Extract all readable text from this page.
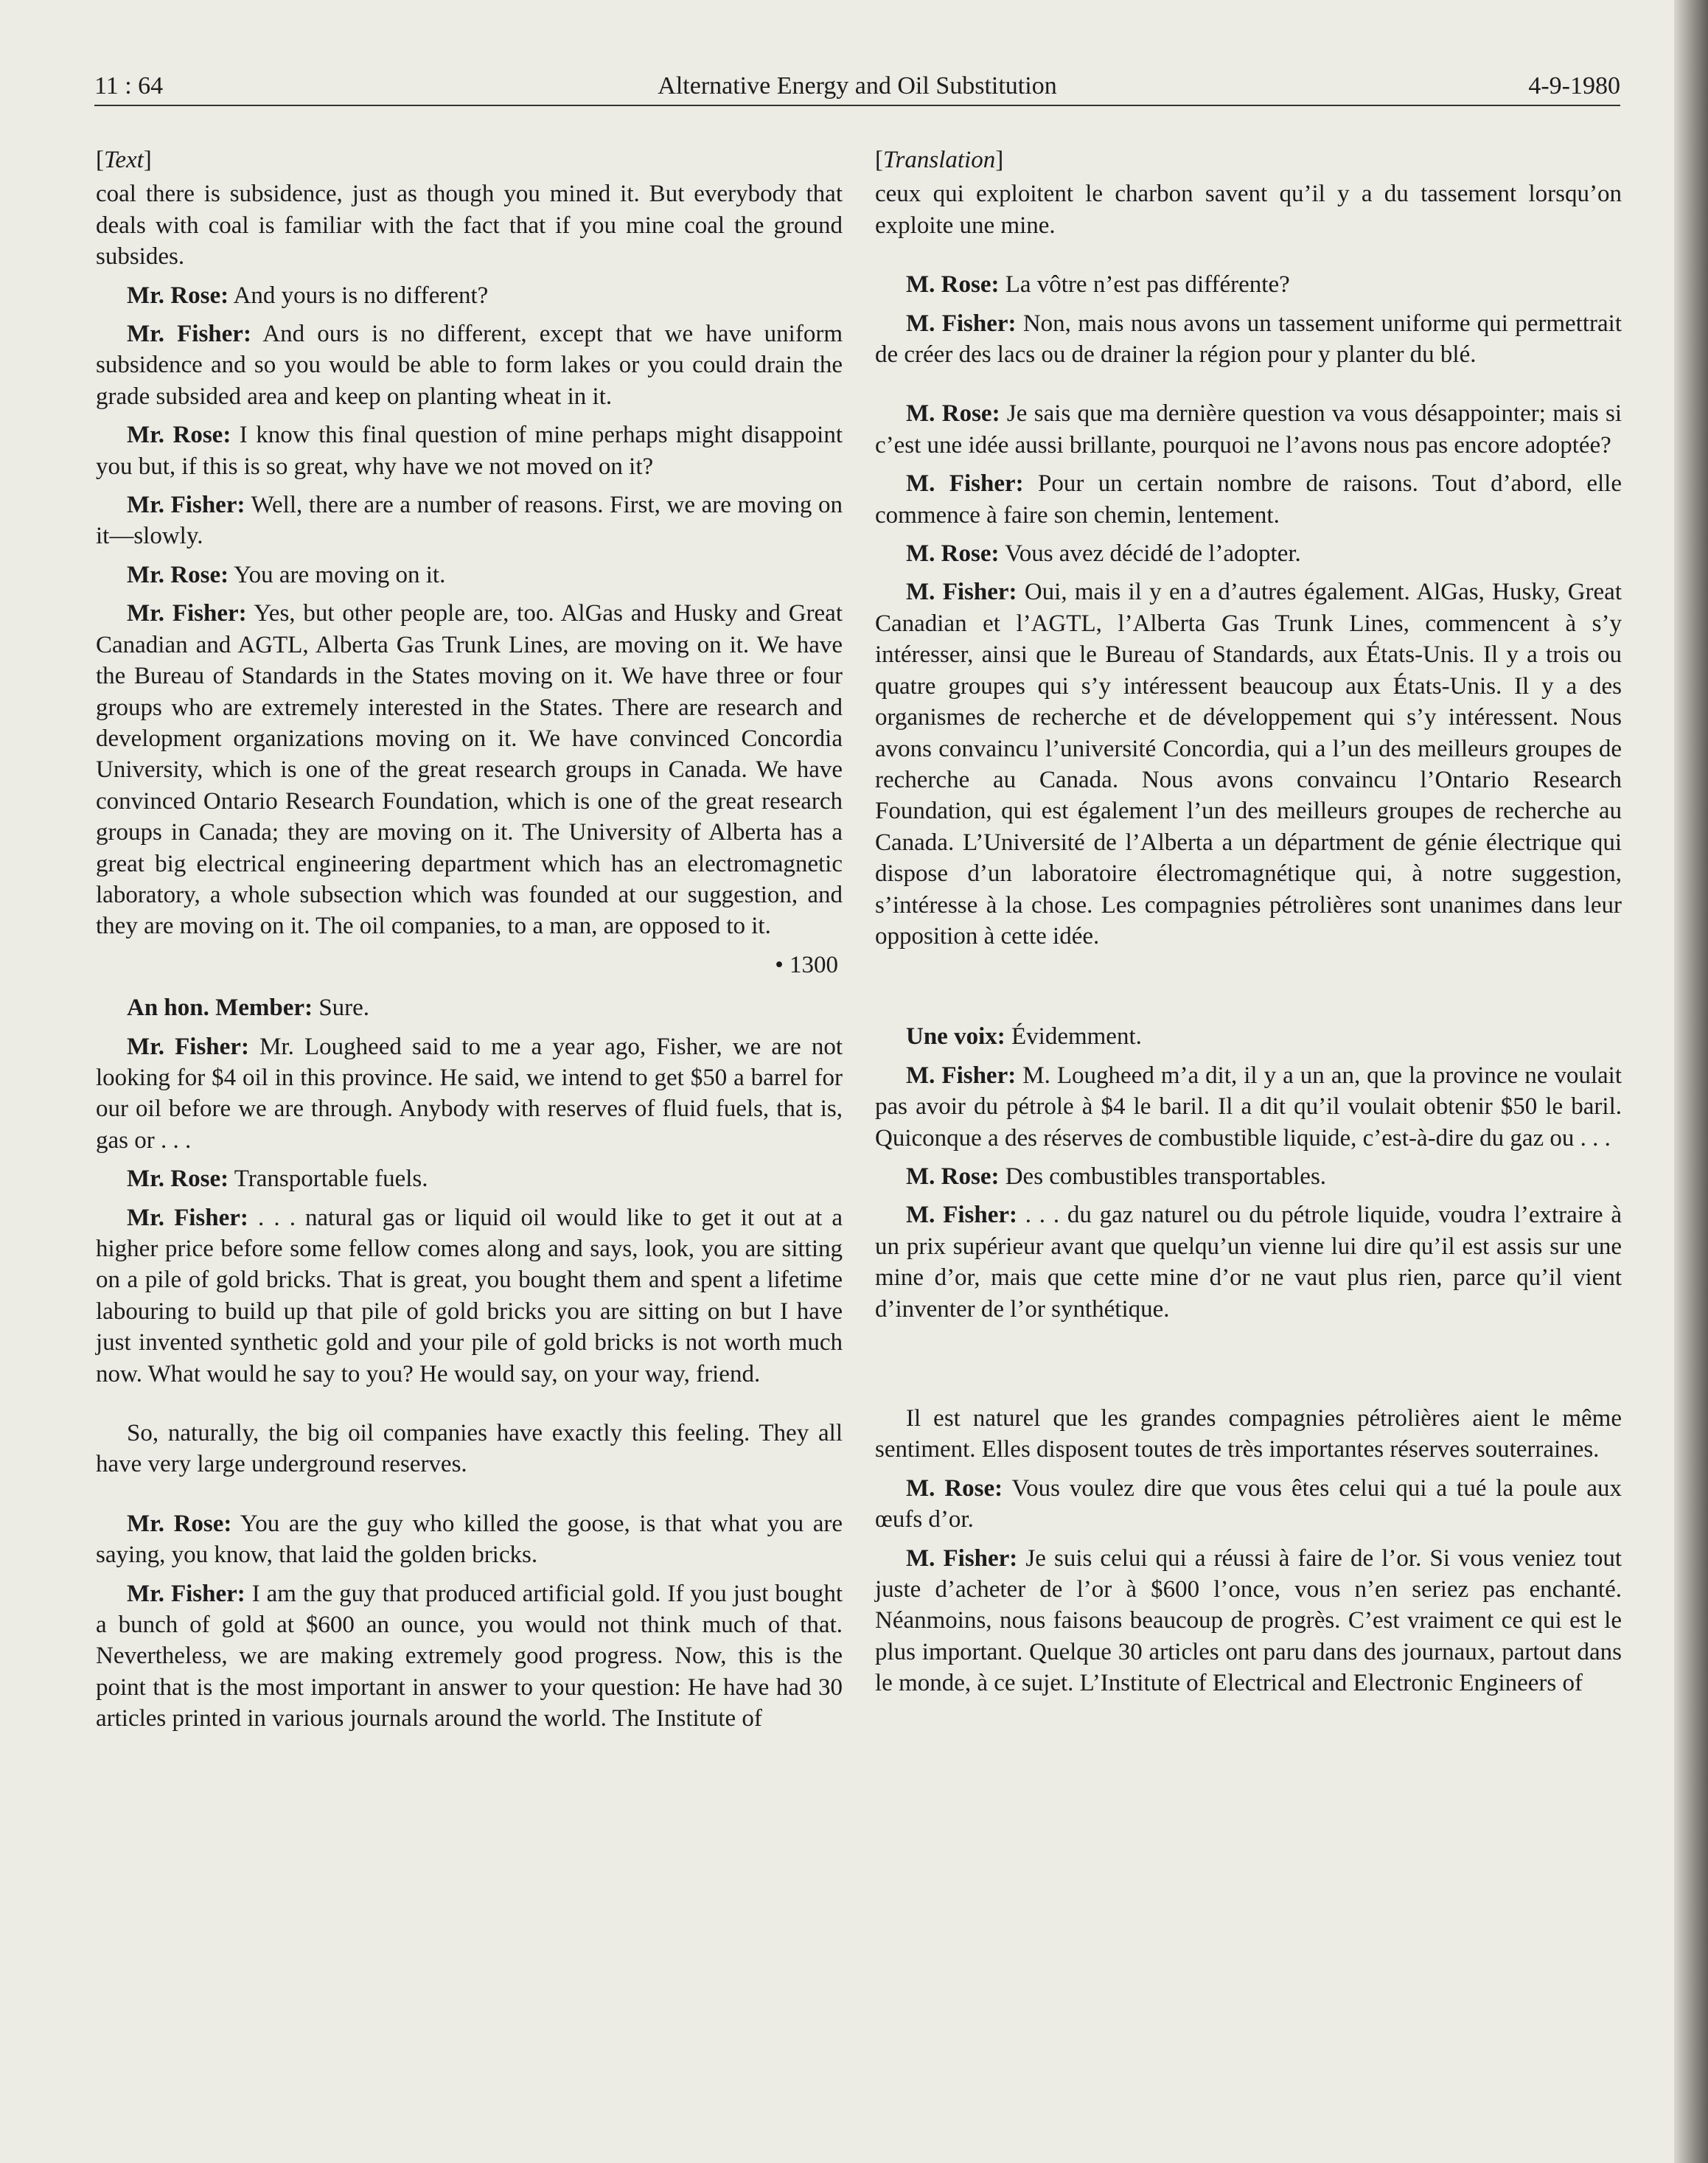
11 : 64	Alternative Energy and Oil Substitution	4-9-1980
[Text]

coal there is subsidence, just as though you mined it. But everybody that deals with coal is familiar with the fact that if you mine coal the ground subsides.

Mr. Rose: And yours is no different?

Mr. Fisher: And ours is no different, except that we have uniform subsidence and so you would be able to form lakes or you could drain the grade subsided area and keep on planting wheat in it.

Mr. Rose: I know this final question of mine perhaps might disappoint you but, if this is so great, why have we not moved on it?

Mr. Fisher: Well, there are a number of reasons. First, we are moving on it—slowly.

Mr. Rose: You are moving on it.

Mr. Fisher: Yes, but other people are, too. AlGas and Husky and Great Canadian and AGTL, Alberta Gas Trunk Lines, are moving on it. We have the Bureau of Standards in the States moving on it. We have three or four groups who are extremely interested in the States. There are research and development organizations moving on it. We have convinced Concordia University, which is one of the great research groups in Canada. We have convinced Ontario Research Foundation, which is one of the great research groups in Canada; they are moving on it. The University of Alberta has a great big electrical engineering department which has an electromagnetic laboratory, a whole subsection which was founded at our suggestion, and they are moving on it. The oil companies, to a man, are opposed to it.

• 1300

An hon. Member: Sure.

Mr. Fisher: Mr. Lougheed said to me a year ago, Fisher, we are not looking for $4 oil in this province. He said, we intend to get $50 a barrel for our oil before we are through. Anybody with reserves of fluid fuels, that is, gas or . . .

Mr. Rose: Transportable fuels.

Mr. Fisher: . . . natural gas or liquid oil would like to get it out at a higher price before some fellow comes along and says, look, you are sitting on a pile of gold bricks. That is great, you bought them and spent a lifetime labouring to build up that pile of gold bricks you are sitting on but I have just invented synthetic gold and your pile of gold bricks is not worth much now. What would he say to you? He would say, on your way, friend.

So, naturally, the big oil companies have exactly this feeling. They all have very large underground reserves.

Mr. Rose: You are the guy who killed the goose, is that what you are saying, you know, that laid the golden bricks.

Mr. Fisher: I am the guy that produced artificial gold. If you just bought a bunch of gold at $600 an ounce, you would not think much of that. Nevertheless, we are making extremely good progress. Now, this is the point that is the most important in answer to your question: He have had 30 articles printed in various journals around the world. The Institute of

[Translation]

ceux qui exploitent le charbon savent qu’il y a du tassement lorsqu’on exploite une mine.

M. Rose: La vôtre n’est pas différente?

M. Fisher: Non, mais nous avons un tassement uniforme qui permettrait de créer des lacs ou de drainer la région pour y planter du blé.

M. Rose: Je sais que ma dernière question va vous désappointer; mais si c’est une idée aussi brillante, pourquoi ne l’avons nous pas encore adoptée?

M. Fisher: Pour un certain nombre de raisons. Tout d’abord, elle commence à faire son chemin, lentement.

M. Rose: Vous avez décidé de l’adopter.

M. Fisher: Oui, mais il y en a d’autres également. AlGas, Husky, Great Canadian et l’AGTL, l’Alberta Gas Trunk Lines, commencent à s’y intéresser, ainsi que le Bureau of Standards, aux États-Unis. Il y a trois ou quatre groupes qui s’y intéressent beaucoup aux États-Unis. Il y a des organismes de recherche et de développement qui s’y intéressent. Nous avons convaincu l’université Concordia, qui a l’un des meilleurs groupes de recherche au Canada. Nous avons convaincu l’Ontario Research Foundation, qui est également l’un des meilleurs groupes de recherche au Canada. L’Université de l’Alberta a un départment de génie électrique qui dispose d’un laboratoire électromagnétique qui, à notre suggestion, s’intéresse à la chose. Les compagnies pétrolières sont unanimes dans leur opposition à cette idée.

Une voix: Évidemment.

M. Fisher: M. Lougheed m’a dit, il y a un an, que la province ne voulait pas avoir du pétrole à $4 le baril. Il a dit qu’il voulait obtenir $50 le baril. Quiconque a des réserves de combustible liquide, c’est-à-dire du gaz ou . . .

M. Rose: Des combustibles transportables.

M. Fisher: . . . du gaz naturel ou du pétrole liquide, voudra l’extraire à un prix supérieur avant que quelqu’un vienne lui dire qu’il est assis sur une mine d’or, mais que cette mine d’or ne vaut plus rien, parce qu’il vient d’inventer de l’or synthétique.

Il est naturel que les grandes compagnies pétrolières aient le même sentiment. Elles disposent toutes de très importantes réserves souterraines.

M. Rose: Vous voulez dire que vous êtes celui qui a tué la poule aux œufs d’or.

M. Fisher: Je suis celui qui a réussi à faire de l’or. Si vous veniez tout juste d’acheter de l’or à $600 l’once, vous n’en seriez pas enchanté. Néanmoins, nous faisons beaucoup de progrès. C’est vraiment ce qui est le plus important. Quelque 30 articles ont paru dans des journaux, partout dans le monde, à ce sujet. L’Institute of Electrical and Electronic Engineers of
